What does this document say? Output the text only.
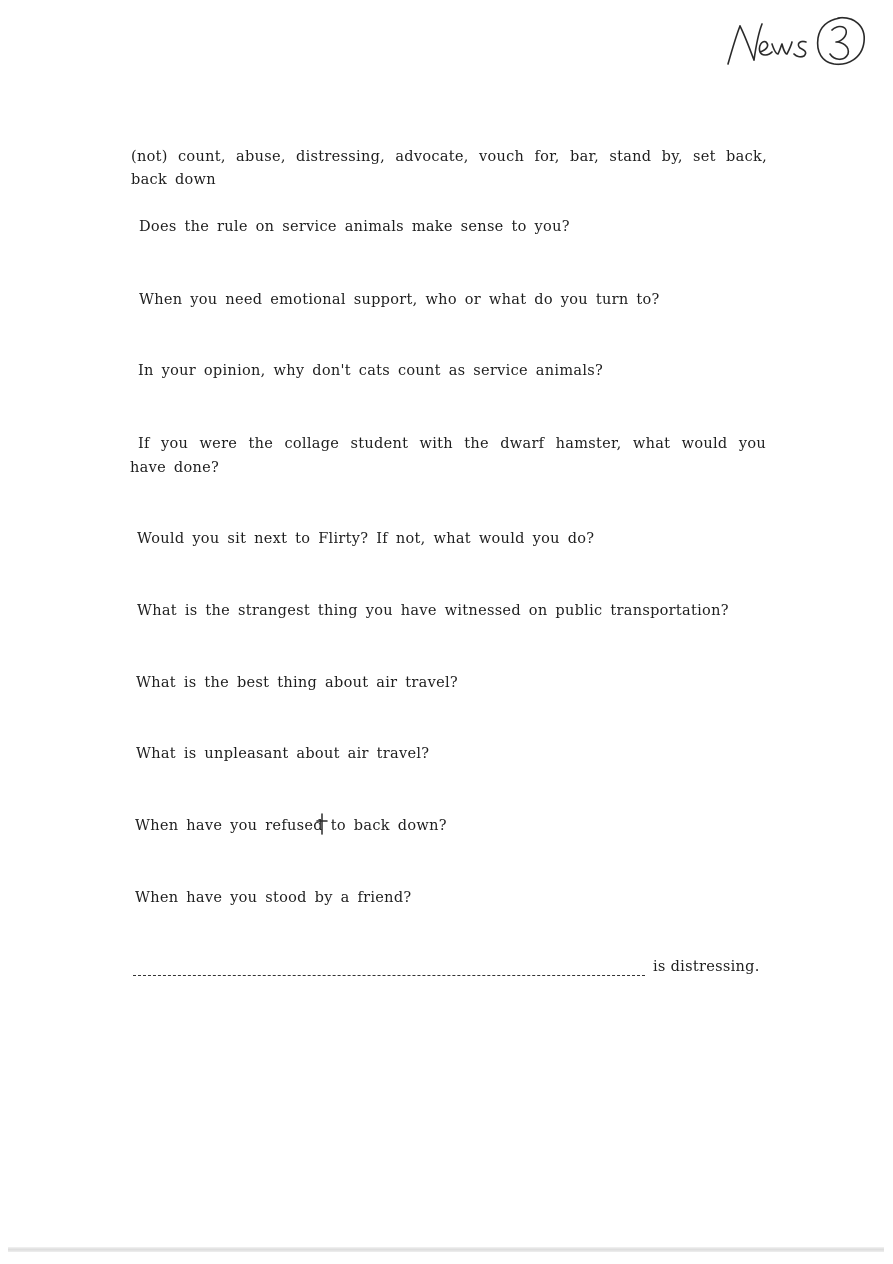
(not) count, abuse, distressing, advocate, vouch for, bar, stand by, set back, back down
Does the rule on service animals make sense to you?
When you need emotional support, who or what do you turn to?
In your opinion, why don't cats count as service animals?
If you were the collage student with the dwarf hamster, what would you have done?
Would you sit next to Flirty? If not, what would you do?
What is the strangest thing you have witnessed on public transportation?
What is the best thing about air travel?
What is unpleasant about air travel?
When have you refused to back down?
When have you stood by a friend?
is distressing.
